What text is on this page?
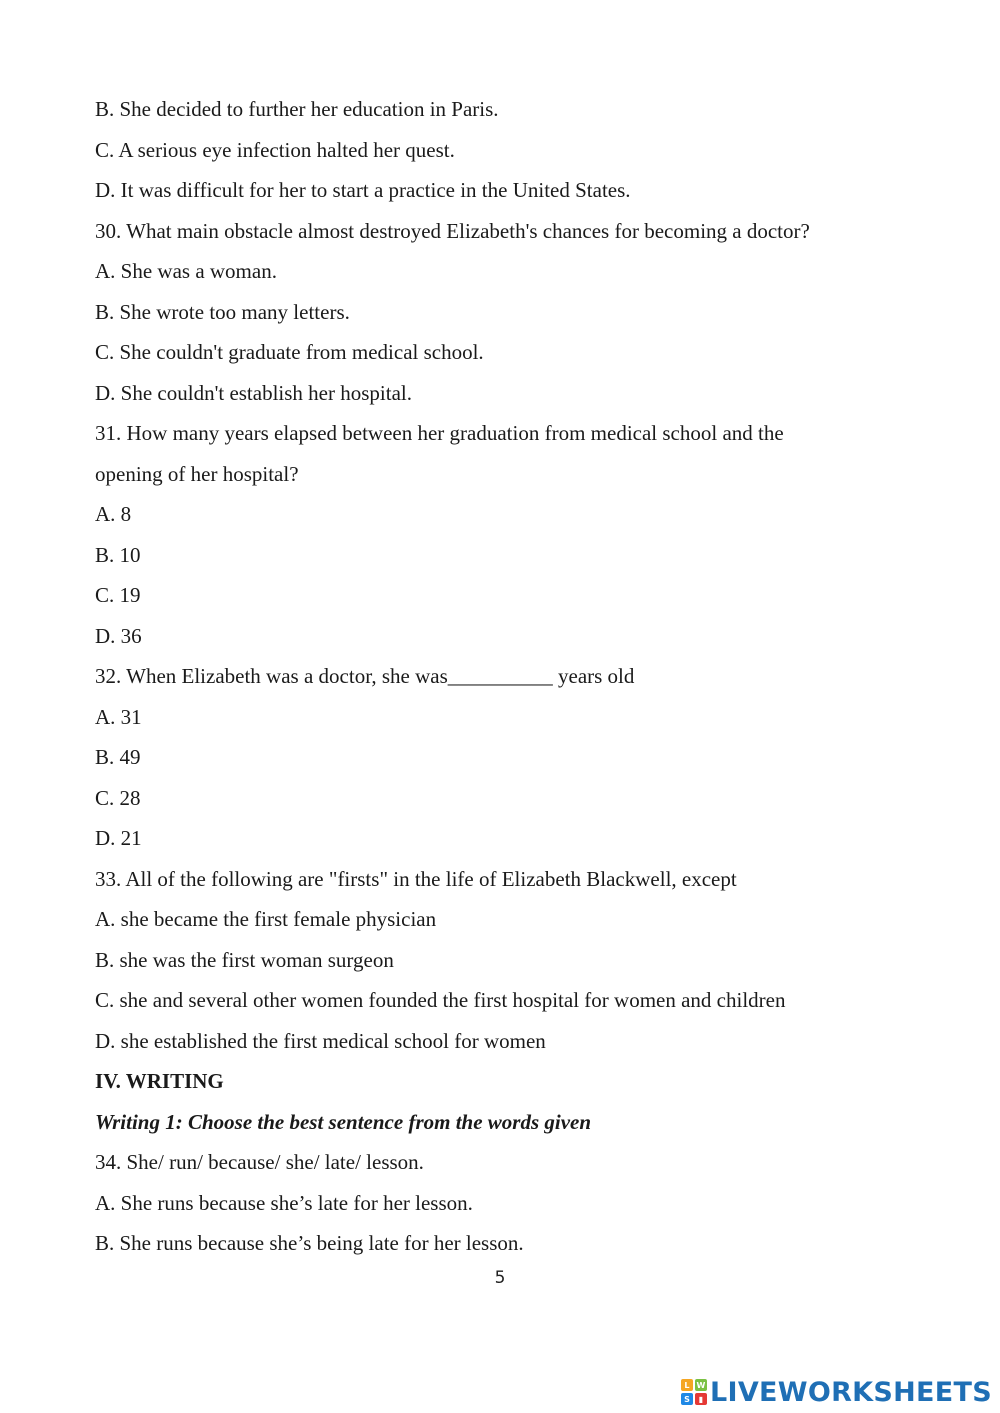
B. She decided to further her education in Paris.
C. A serious eye infection halted her quest.
D. It was difficult for her to start a practice in the United States.
30. What main obstacle almost destroyed Elizabeth's chances for becoming a doctor?
A. She was a woman.
B. She wrote too many letters.
C. She couldn't graduate from medical school.
D. She couldn't establish her hospital.
31. How many years elapsed between her graduation from medical school and the
opening of her hospital?
A. 8
B. 10
C. 19
D. 36
32. When Elizabeth was a doctor, she was__________ years old
A. 31
B. 49
C. 28
D. 21
33. All of the following are "firsts" in the life of Elizabeth Blackwell, except
A. she became the first female physician
B. she was the first woman surgeon
C. she and several other women founded the first hospital for women and children
D. she established the first medical school for women
IV. WRITING
Writing 1: Choose the best sentence from the words given
34. She/ run/ because/ she/ late/ lesson.
A. She runs because she’s late for her lesson.
B. She runs because she’s being late for her lesson.
5
L W
S	▮ LIVEWORKSHEETS
